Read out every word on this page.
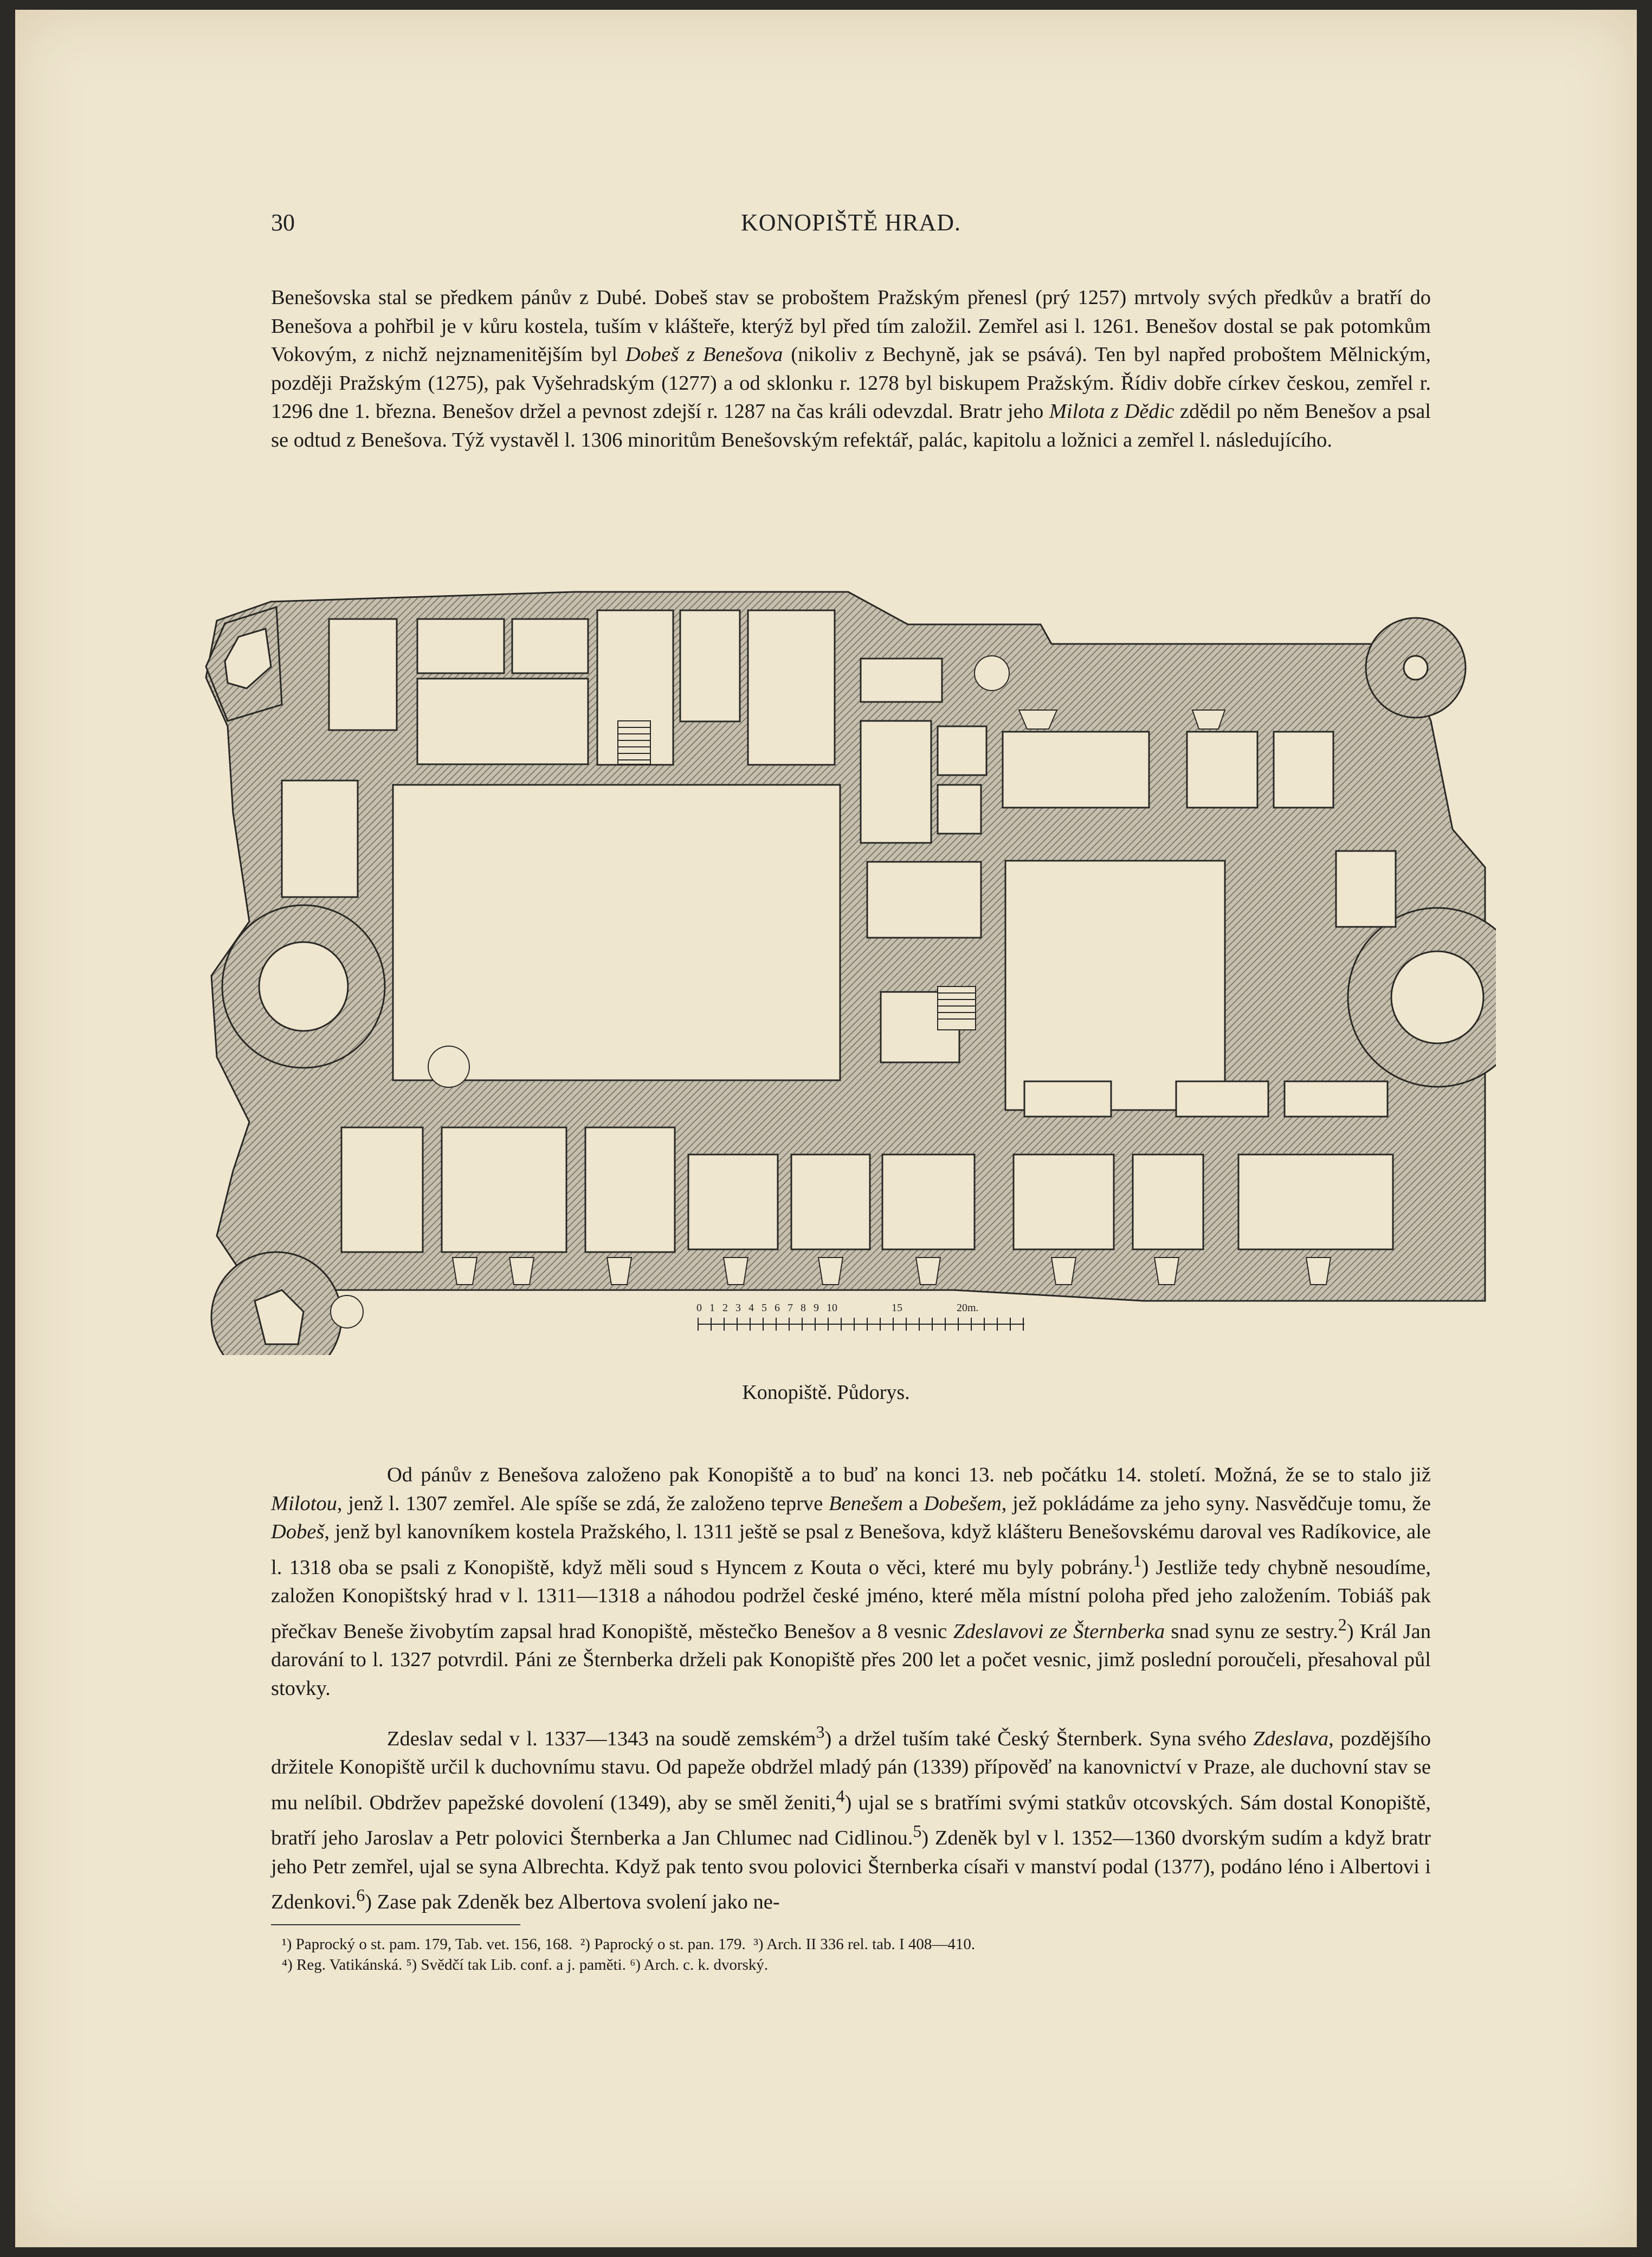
30	KONOPIŠTĚ HRAD.

Benešovska stal se předkem pánův z Dubé. Dobeš stav se proboštem Pražským přenesl (prý 1257) mrtvoly svých předkův a bratří do Benešova a pohřbil je v kůru kostela, tuším v klášteře, kterýž byl před tím založil. Zemřel asi l. 1261. Benešov dostal se pak potomkům Vokovým, z nichž nejznamenitějším byl Dobeš z Benešova (nikoliv z Bechyně, jak se psává). Ten byl napřed proboštem Mělnickým, později Pražským (1275), pak Vyšehradským (1277) a od sklonku r. 1278 byl biskupem Pražským. Řídiv dobře církev českou, zemřel r. 1296 dne 1. března. Benešov držel a pevnost zdejší r. 1287 na čas králi odevzdal. Bratr jeho Milota z Dědic zdědil po něm Benešov a psal se odtud z Benešova. Týž vystavěl l. 1306 minoritům Benešovským refektář, palác, kapitolu a ložnici a zemřel l. následujícího.

0 1 2 3 4 5 6 7 8 9 10	15	20m.
Konopiště. Půdorys.

Od pánův z Benešova založeno pak Konopiště a to buď na konci 13. neb počátku 14. století. Možná, že se to stalo již Milotou, jenž l. 1307 zemřel. Ale spíše se zdá, že založeno teprve Benešem a Dobešem, jež pokládáme za jeho syny. Nasvědčuje tomu, že Dobeš, jenž byl kanovníkem kostela Pražského, l. 1311 ještě se psal z Benešova, když klášteru Benešovskému daroval ves Radíkovice, ale l. 1318 oba se psali z Konopiště, když měli soud s Hyncem z Kouta o věci, které mu byly pobrány.$^1$) Jestliže tedy chybně nesoudíme, založen Konopištský hrad v l. 1311—1318 a náhodou podržel české jméno, které měla místní poloha před jeho založením. Tobiáš pak přečkav Beneše živobytím zapsal hrad Konopiště, městečko Benešov a 8 vesnic Zdeslavovi ze Šternberka snad synu ze sestry.$^2$) Král Jan darování to l. 1327 potvrdil. Páni ze Šternberka drželi pak Konopiště přes 200 let a počet vesnic, jimž poslední poroučeli, přesahoval půl stovky.

Zdeslav sedal v l. 1337—1343 na soudě zemském$^3$) a držel tuším také Český Šternberk. Syna svého Zdeslava, pozdějšího držitele Konopiště určil k duchovnímu stavu. Od papeže obdržel mladý pán (1339) přípověď na kanovnictví v Praze, ale duchovní stav se mu nelíbil. Obdržev papežské dovolení (1349), aby se směl ženiti,$^4$) ujal se s bratřími svými statkův otcovských. Sám dostal Konopiště, bratří jeho Jaroslav a Petr polovici Šternberka a Jan Chlumec nad Cidlinou.$^5$) Zdeněk byl v l. 1352—1360 dvorským sudím a když bratr jeho Petr zemřel, ujal se syna Albrechta. Když pak tento svou polovici Šternberka císaři v manství podal (1377), podáno léno i Albertovi i Zdenkovi.$^6$) Zase pak Zdeněk bez Albertova svolení jako ne-

¹) Paprocký o st. pam. 179, Tab. vet. 156, 168.  ²) Paprocký o st. pan. 179.  ³) Arch. II 336 rel. tab. I 408—410.
⁴) Reg. Vatikánská. ⁵) Svědčí tak Lib. conf. a j. paměti. ⁶) Arch. c. k. dvorský.
